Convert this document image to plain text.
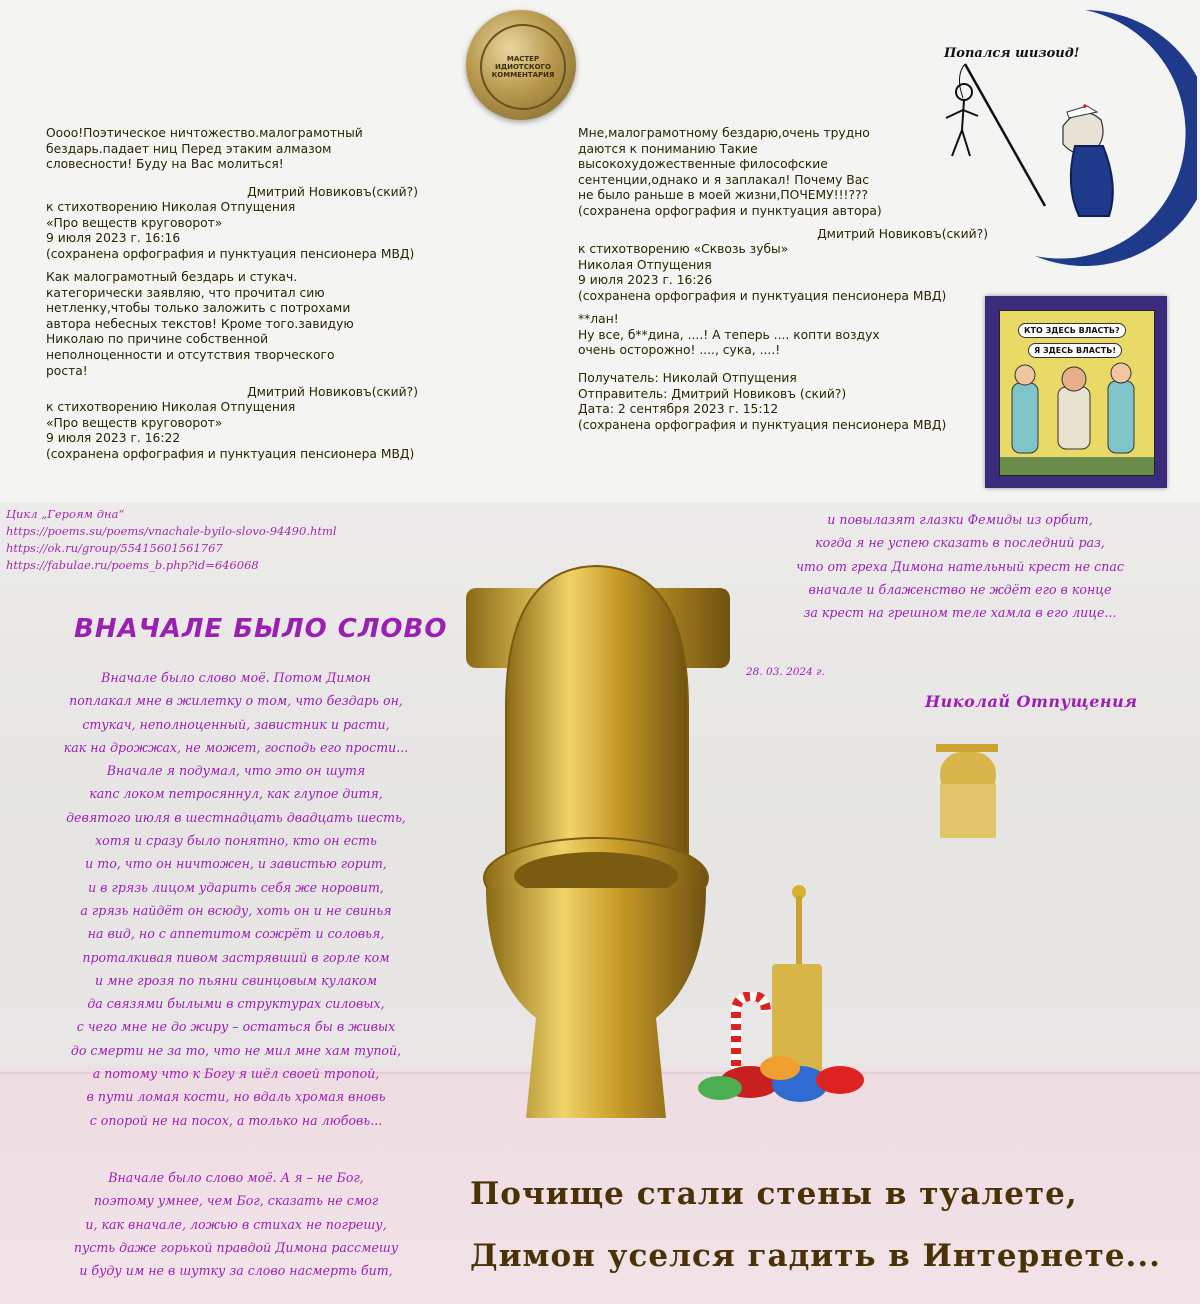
МАСТЕР
ИДИОТСКОГО
КОММЕНТАРИЯ

Оооо!Поэтическое ничтожество.малограмотный
бездарь.падает ниц Перед этаким алмазом
словесности! Буду на Вас молиться!

Дмитрий Новиковъ(ский?)

к стихотворению Николая Отпущения
«Про веществ круговорот»
9 июля 2023 г. 16:16
(сохранена орфография и пунктуация пенсионера МВД)

Как малограмотный бездарь и стукач.
категорически заявляю, что прочитал сию
нетленку,чтобы только заложить с потрохами
автора небесных текстов! Кроме того.завидую
Николаю по причине собственной
неполноценности и отсутствия творческого
роста!

Дмитрий Новиковъ(ский?)

к стихотворению Николая Отпущения
«Про веществ круговорот»
9 июля 2023 г. 16:22
(сохранена орфография и пунктуация пенсионера МВД)

Мне,малограмотному бездарю,очень трудно
даются к пониманию Такие
высокохудожественные философские
сентенции,однако и я заплакал! Почему Вас
не было раньше в моей жизни,ПОЧЕМУ!!!???
(сохранена орфография и пунктуация автора)

Дмитрий Новиковъ(ский?)

к стихотворению «Сквозь зубы»
Николая Отпущения
9 июля 2023 г. 16:26
(сохранена орфография и пунктуация пенсионера МВД)

**лан!
Ну все, б**дина, ....! А теперь .... копти воздух
очень осторожно! ...., сука, ....!

Получатель: Николай Отпущения
Отправитель: Дмитрий Новиковъ (ский?)
Дата: 2 сентября 2023 г. 15:12
(сохранена орфография и пунктуация пенсионера МВД)

Попался шизоид!
КТО ЗДЕСЬ ВЛАСТЬ?
Я ЗДЕСЬ ВЛАСТЬ!

Цикл „Героям дна“
https://poems.su/poems/vnachale-byilo-slovo-94490.html
https://ok.ru/group/55415601561767
https://fabulae.ru/poems_b.php?id=646068

ВНАЧАЛЕ БЫЛО СЛОВО

Вначале было слово моё. Потом Димон
поплакал мне в жилетку о том, что бездарь он,
стукач, неполноценный, завистник и расти,
как на дрожжах, не может, господь его прости...
Вначале я подумал, что это он шутя
капс локом петросяннул, как глупое дитя,
девятого июля в шестнадцать двадцать шесть,
хотя и сразу было понятно, кто он есть
и то, что он ничтожен, и завистью горит,
и в грязь лицом ударить себя же норовит,
а грязь найдёт он всюду, хоть он и не свинья
на вид, но с аппетитом сожрёт и соловья,
проталкивая пивом застрявший в горле ком
и мне грозя по пьяни свинцовым кулаком
да связями былыми в структурах силовых,
с чего мне не до жиру – остаться бы в живых
до смерти не за то, что не мил мне хам тупой,
а потому что к Богу я шёл своей тропой,
в пути ломая кости, но вдаль хромая вновь
с опорой не на посох, а только на любовь...

Вначале было слово моё. А я – не Бог,
поэтому умнее, чем Бог, сказать не смог
и, как вначале, ложью в стихах не погрешу,
пусть даже горькой правдой Димона рассмешу
и буду им не в шутку за слово насмерть бит,

и повылазят глазки Фемиды из орбит,
когда я не успею сказать в последний раз,
что от греха Димона нательный крест не спас
вначале и блаженство не ждёт его в конце
за крест на грешном теле хамла в его лице...

28. 03. 2024 г.
Николай Отпущения
Почище стали стены в туалете,
Димон уселся гадить в Интернете...
